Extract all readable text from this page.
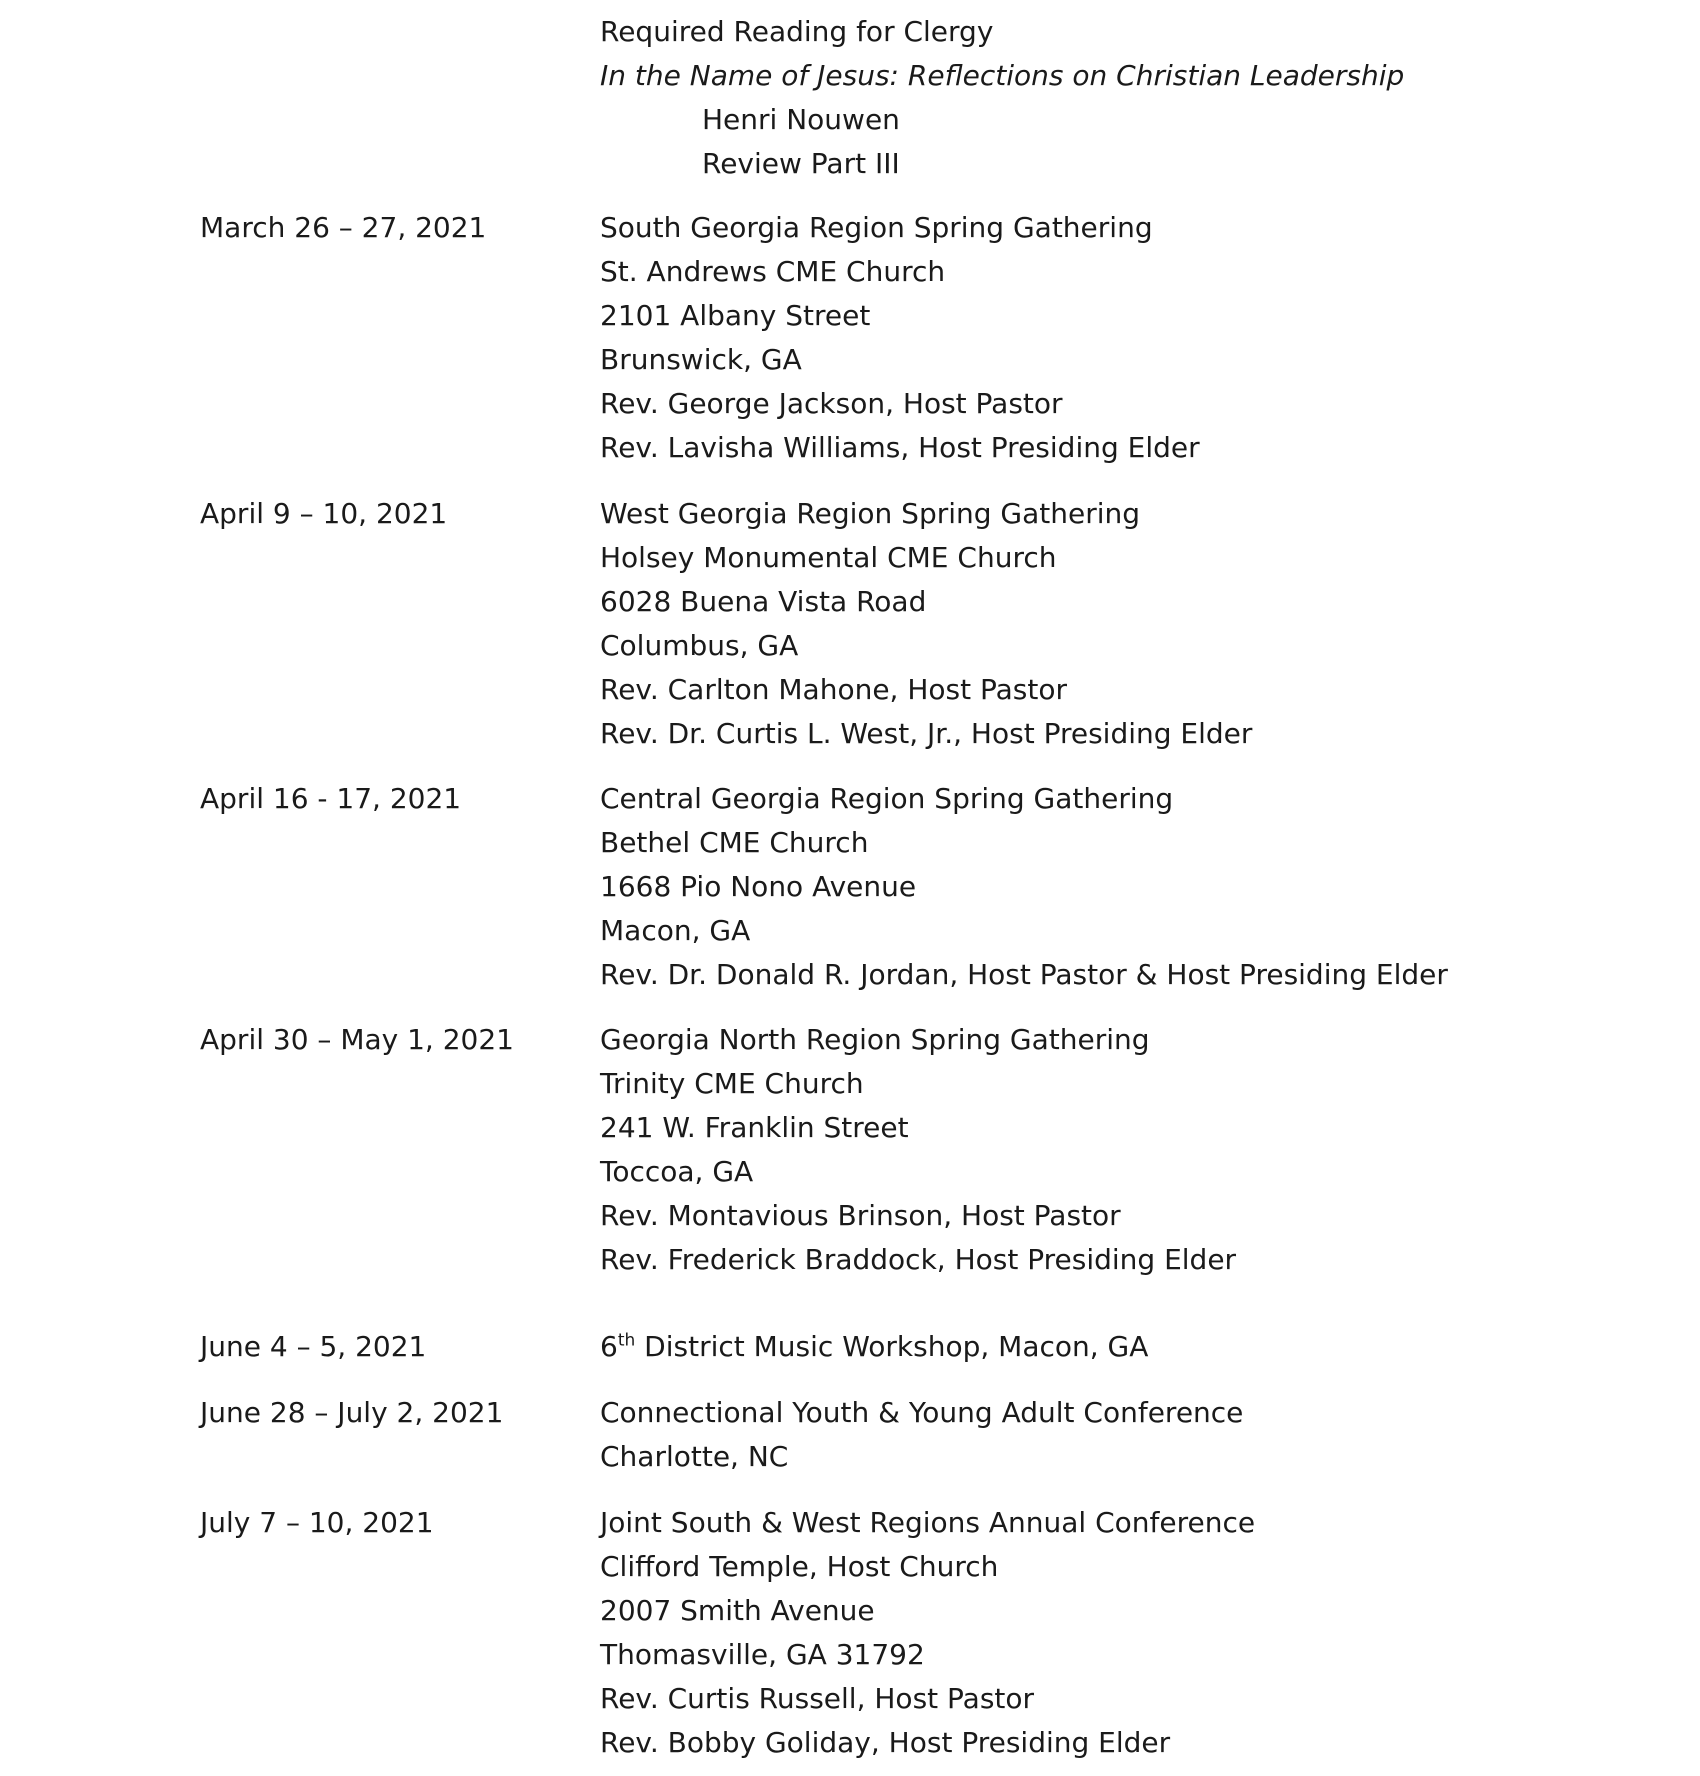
Required Reading for Clergy
In the Name of Jesus: Reflections on Christian Leadership
Henri Nouwen
Review Part III
March 26 – 27, 2021	South Georgia Region Spring Gathering
St. Andrews CME Church
2101 Albany Street
Brunswick, GA
Rev. George Jackson, Host Pastor
Rev. Lavisha Williams, Host Presiding Elder
April 9 – 10, 2021	West Georgia Region Spring Gathering
Holsey Monumental CME Church
6028 Buena Vista Road
Columbus, GA
Rev. Carlton Mahone, Host Pastor
Rev. Dr. Curtis L. West, Jr., Host Presiding Elder
April 16 - 17, 2021	Central Georgia Region Spring Gathering
Bethel CME Church
1668 Pio Nono Avenue
Macon, GA
Rev. Dr. Donald R. Jordan, Host Pastor & Host Presiding Elder
April 30 – May 1, 2021	Georgia North Region Spring Gathering
Trinity CME Church
241 W. Franklin Street
Toccoa, GA
Rev. Montavious Brinson, Host Pastor
Rev. Frederick Braddock, Host Presiding Elder
June 4 – 5, 2021	6th District Music Workshop, Macon, GA
June 28 – July 2, 2021	Connectional Youth & Young Adult Conference
Charlotte, NC
July 7 – 10, 2021	Joint South & West Regions Annual Conference
Clifford Temple, Host Church
2007 Smith Avenue
Thomasville, GA 31792
Rev. Curtis Russell, Host Pastor
Rev. Bobby Goliday, Host Presiding Elder
